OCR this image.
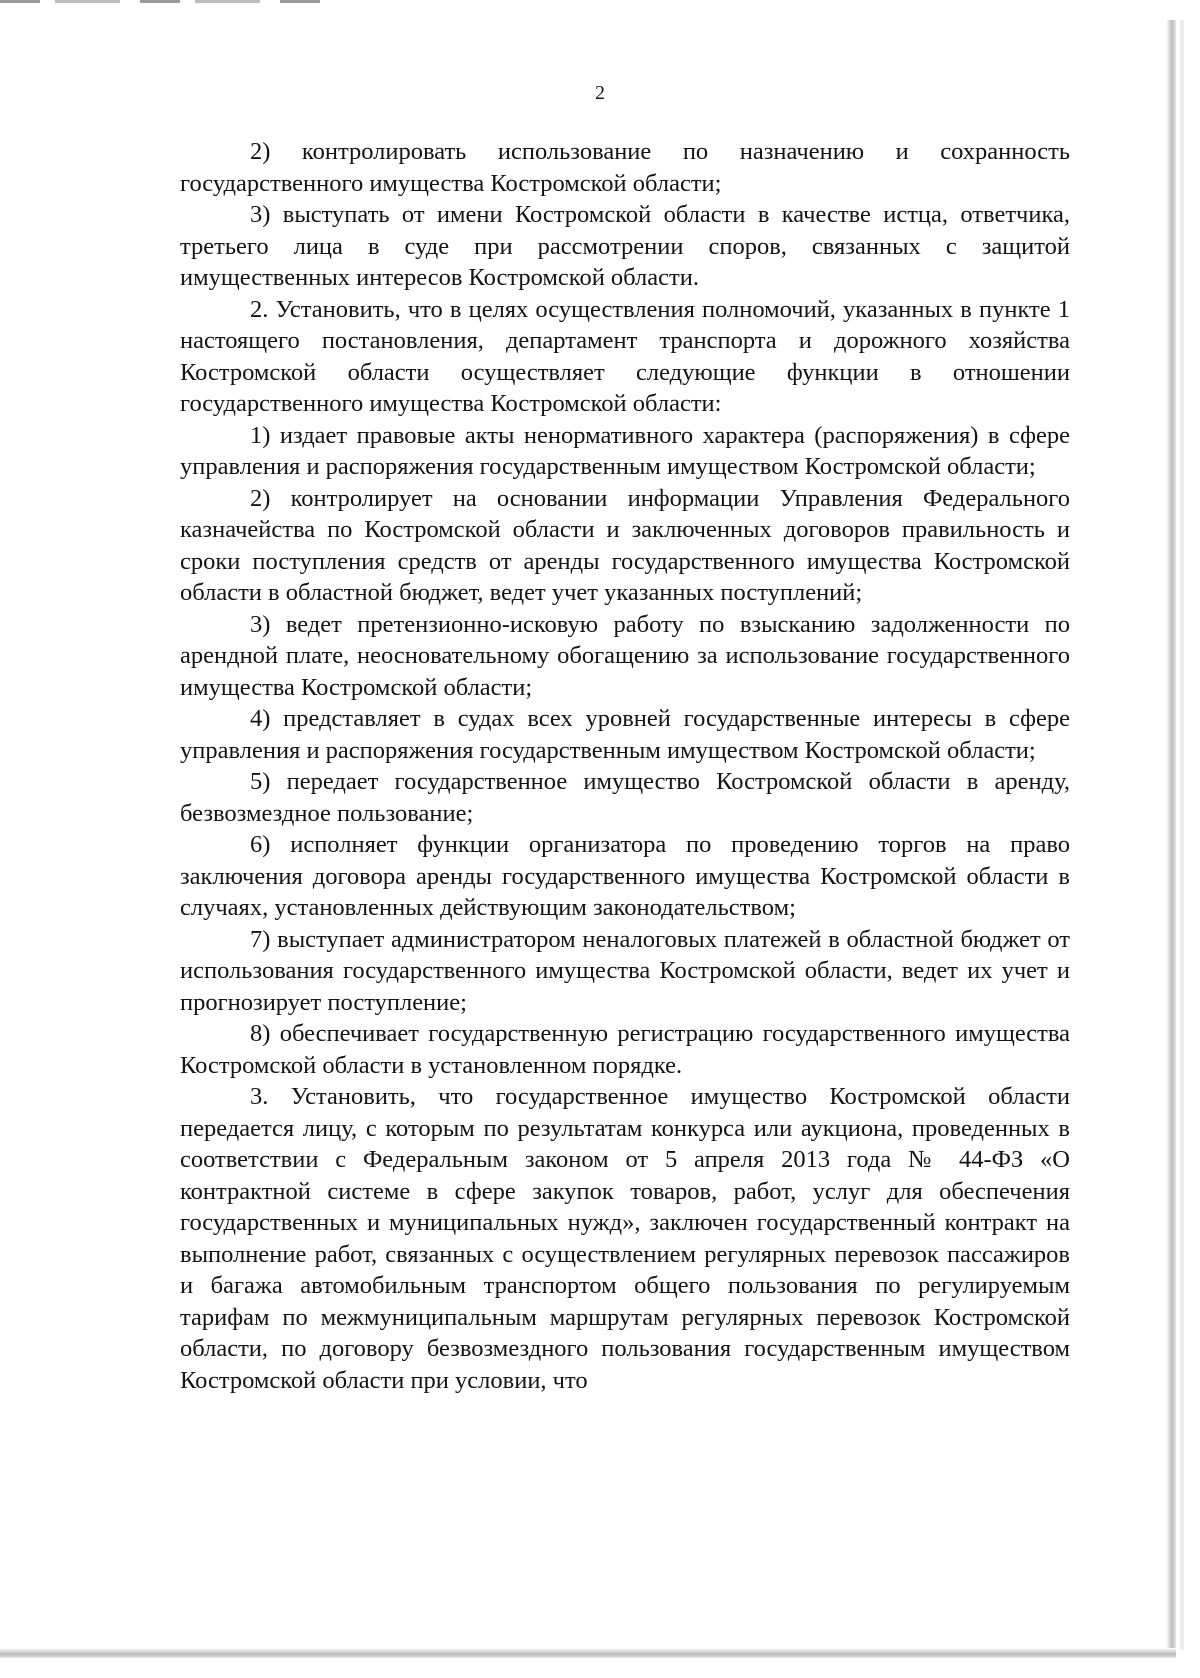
2

2) контролировать использование по назначению и сохранность государственного имущества Костромской области;

3) выступать от имени Костромской области в качестве истца, ответчика, третьего лица в суде при рассмотрении споров, связанных с защитой имущественных интересов Костромской области.

2. Установить, что в целях осуществления полномочий, указанных в пункте 1 настоящего постановления, департамент транспорта и дорожного хозяйства Костромской области осуществляет следующие функции в отношении государственного имущества Костромской области:

1) издает правовые акты ненормативного характера (распоряжения) в сфере управления и распоряжения государственным имуществом Костромской области;

2) контролирует на основании информации Управления Федерального казначейства по Костромской области и заключенных договоров правильность и сроки поступления средств от аренды государственного имущества Костромской области в областной бюджет, ведет учет указанных поступлений;

3) ведет претензионно-исковую работу по взысканию задолженности по арендной плате, неосновательному обогащению за использование государственного имущества Костромской области;

4) представляет в судах всех уровней государственные интересы в сфере управления и распоряжения государственным имуществом Костромской области;

5) передает государственное имущество Костромской области в аренду, безвозмездное пользование;

6) исполняет функции организатора по проведению торгов на право заключения договора аренды государственного имущества Костромской области в случаях, установленных действующим законодательством;

7) выступает администратором неналоговых платежей в областной бюджет от использования государственного имущества Костромской области, ведет их учет и прогнозирует поступление;

8) обеспечивает государственную регистрацию государственного имущества Костромской области в установленном порядке.

3. Установить, что государственное имущество Костромской области передается лицу, с которым по результатам конкурса или аукциона, проведенных в соответствии с Федеральным законом от 5 апреля 2013 года № 44-ФЗ «О контрактной системе в сфере закупок товаров, работ, услуг для обеспечения государственных и муниципальных нужд», заключен государственный контракт на выполнение работ, связанных с осуществлением регулярных перевозок пассажиров и багажа автомобильным транспортом общего пользования по регулируемым тарифам по межмуниципальным маршрутам регулярных перевозок Костромской области, по договору безвозмездного пользования государственным имуществом Костромской области при условии, что
